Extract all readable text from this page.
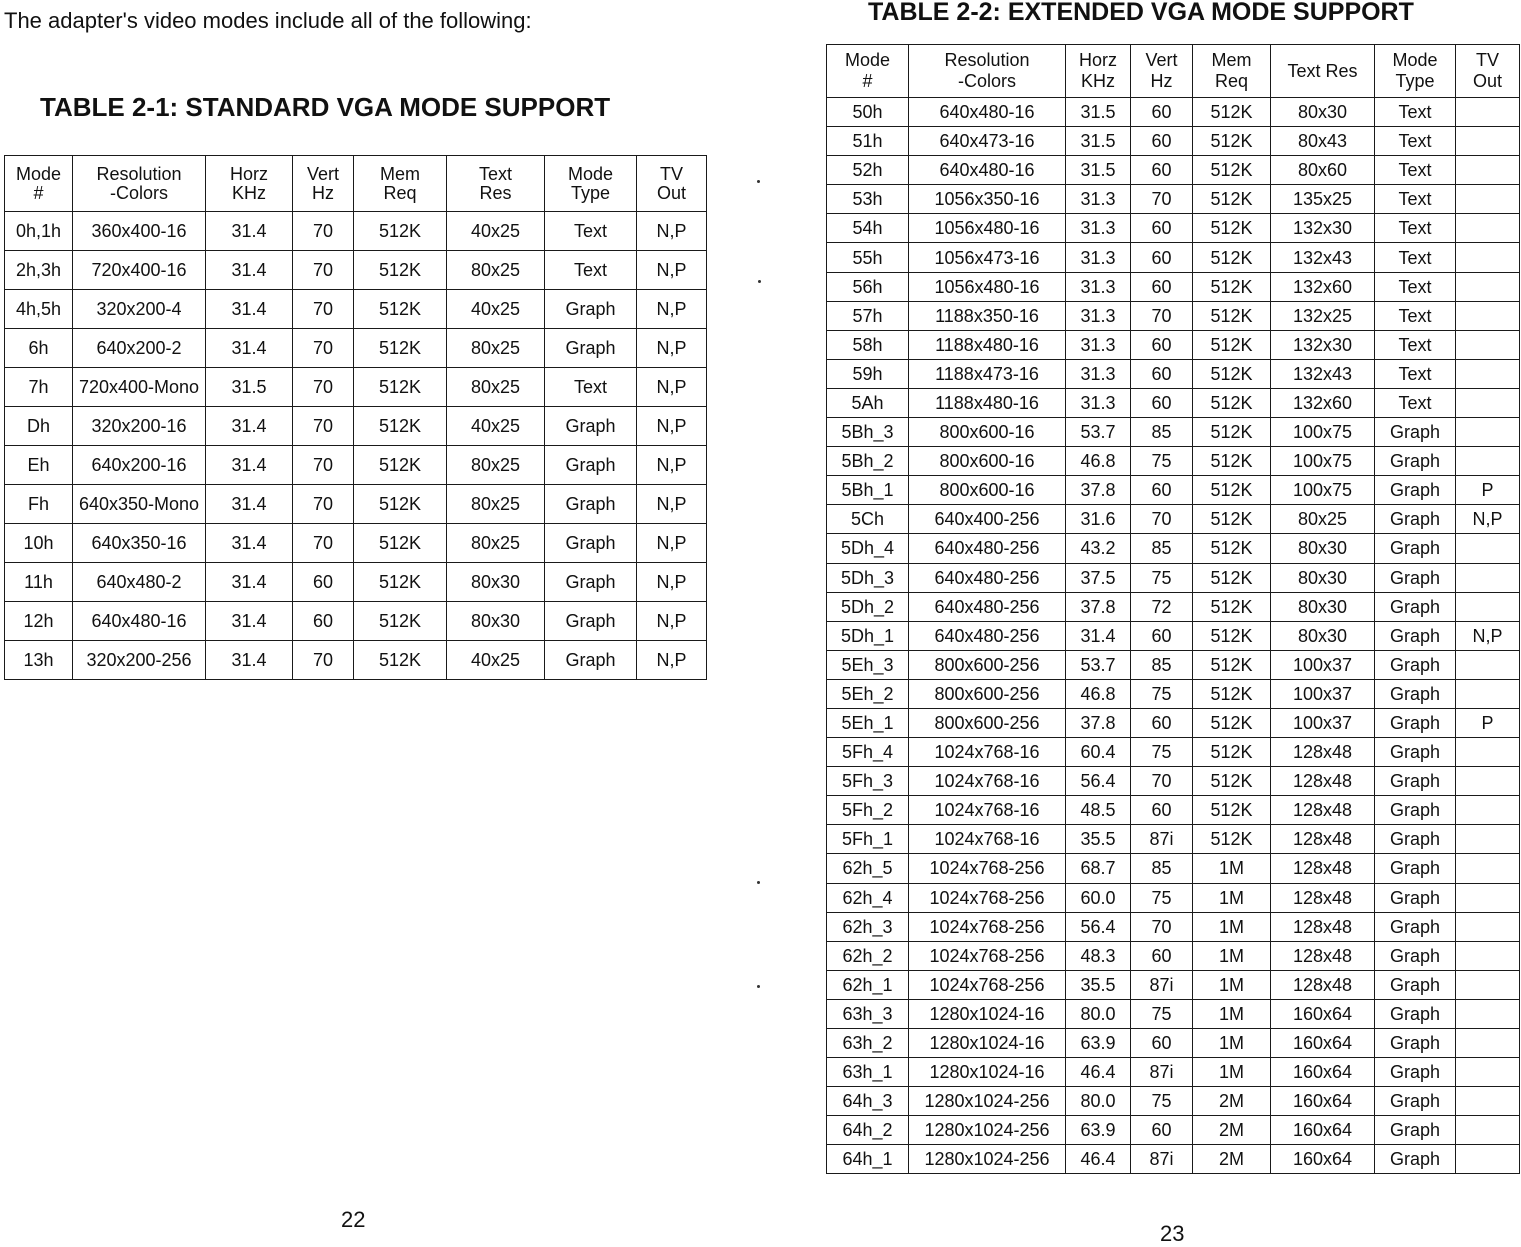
The adapter's video modes include all of the following:

TABLE 2-1: STANDARD VGA MODE SUPPORT
Mode
#	Resolution
-Colors	Horz
KHz	Vert
Hz	Mem
Req	Text
Res	Mode
Type	TV
Out

0h,1h	360x400-16	31.4	70	512K	40x25	Text	N,P
2h,3h	720x400-16	31.4	70	512K	80x25	Text	N,P
4h,5h	320x200-4	31.4	70	512K	40x25	Graph	N,P
6h	640x200-2	31.4	70	512K	80x25	Graph	N,P
7h	720x400-Mono	31.5	70	512K	80x25	Text	N,P
Dh	320x200-16	31.4	70	512K	40x25	Graph	N,P
Eh	640x200-16	31.4	70	512K	80x25	Graph	N,P
Fh	640x350-Mono	31.4	70	512K	80x25	Graph	N,P
10h	640x350-16	31.4	70	512K	80x25	Graph	N,P
11h	640x480-2	31.4	60	512K	80x30	Graph	N,P
12h	640x480-16	31.4	60	512K	80x30	Graph	N,P
13h	320x200-256	31.4	70	512K	40x25	Graph	N,P

22

TABLE 2-2: EXTENDED VGA MODE SUPPORT
Mode
#	Resolution
-Colors	Horz
KHz	Vert
Hz	Mem
Req	Text Res	Mode
Type	TV
Out

50h	640x480-16	31.5	60	512K	80x30	Text	
51h	640x473-16	31.5	60	512K	80x43	Text	
52h	640x480-16	31.5	60	512K	80x60	Text	
53h	1056x350-16	31.3	70	512K	135x25	Text	
54h	1056x480-16	31.3	60	512K	132x30	Text	
55h	1056x473-16	31.3	60	512K	132x43	Text	
56h	1056x480-16	31.3	60	512K	132x60	Text	
57h	1188x350-16	31.3	70	512K	132x25	Text	
58h	1188x480-16	31.3	60	512K	132x30	Text	
59h	1188x473-16	31.3	60	512K	132x43	Text	
5Ah	1188x480-16	31.3	60	512K	132x60	Text	
5Bh_3	800x600-16	53.7	85	512K	100x75	Graph	
5Bh_2	800x600-16	46.8	75	512K	100x75	Graph	
5Bh_1	800x600-16	37.8	60	512K	100x75	Graph	P
5Ch	640x400-256	31.6	70	512K	80x25	Graph	N,P
5Dh_4	640x480-256	43.2	85	512K	80x30	Graph	
5Dh_3	640x480-256	37.5	75	512K	80x30	Graph	
5Dh_2	640x480-256	37.8	72	512K	80x30	Graph	
5Dh_1	640x480-256	31.4	60	512K	80x30	Graph	N,P
5Eh_3	800x600-256	53.7	85	512K	100x37	Graph	
5Eh_2	800x600-256	46.8	75	512K	100x37	Graph	
5Eh_1	800x600-256	37.8	60	512K	100x37	Graph	P
5Fh_4	1024x768-16	60.4	75	512K	128x48	Graph	
5Fh_3	1024x768-16	56.4	70	512K	128x48	Graph	
5Fh_2	1024x768-16	48.5	60	512K	128x48	Graph	
5Fh_1	1024x768-16	35.5	87i	512K	128x48	Graph	
62h_5	1024x768-256	68.7	85	1M	128x48	Graph	
62h_4	1024x768-256	60.0	75	1M	128x48	Graph	
62h_3	1024x768-256	56.4	70	1M	128x48	Graph	
62h_2	1024x768-256	48.3	60	1M	128x48	Graph	
62h_1	1024x768-256	35.5	87i	1M	128x48	Graph	
63h_3	1280x1024-16	80.0	75	1M	160x64	Graph	
63h_2	1280x1024-16	63.9	60	1M	160x64	Graph	
63h_1	1280x1024-16	46.4	87i	1M	160x64	Graph	
64h_3	1280x1024-256	80.0	75	2M	160x64	Graph	
64h_2	1280x1024-256	63.9	60	2M	160x64	Graph	
64h_1	1280x1024-256	46.4	87i	2M	160x64	Graph	

23
